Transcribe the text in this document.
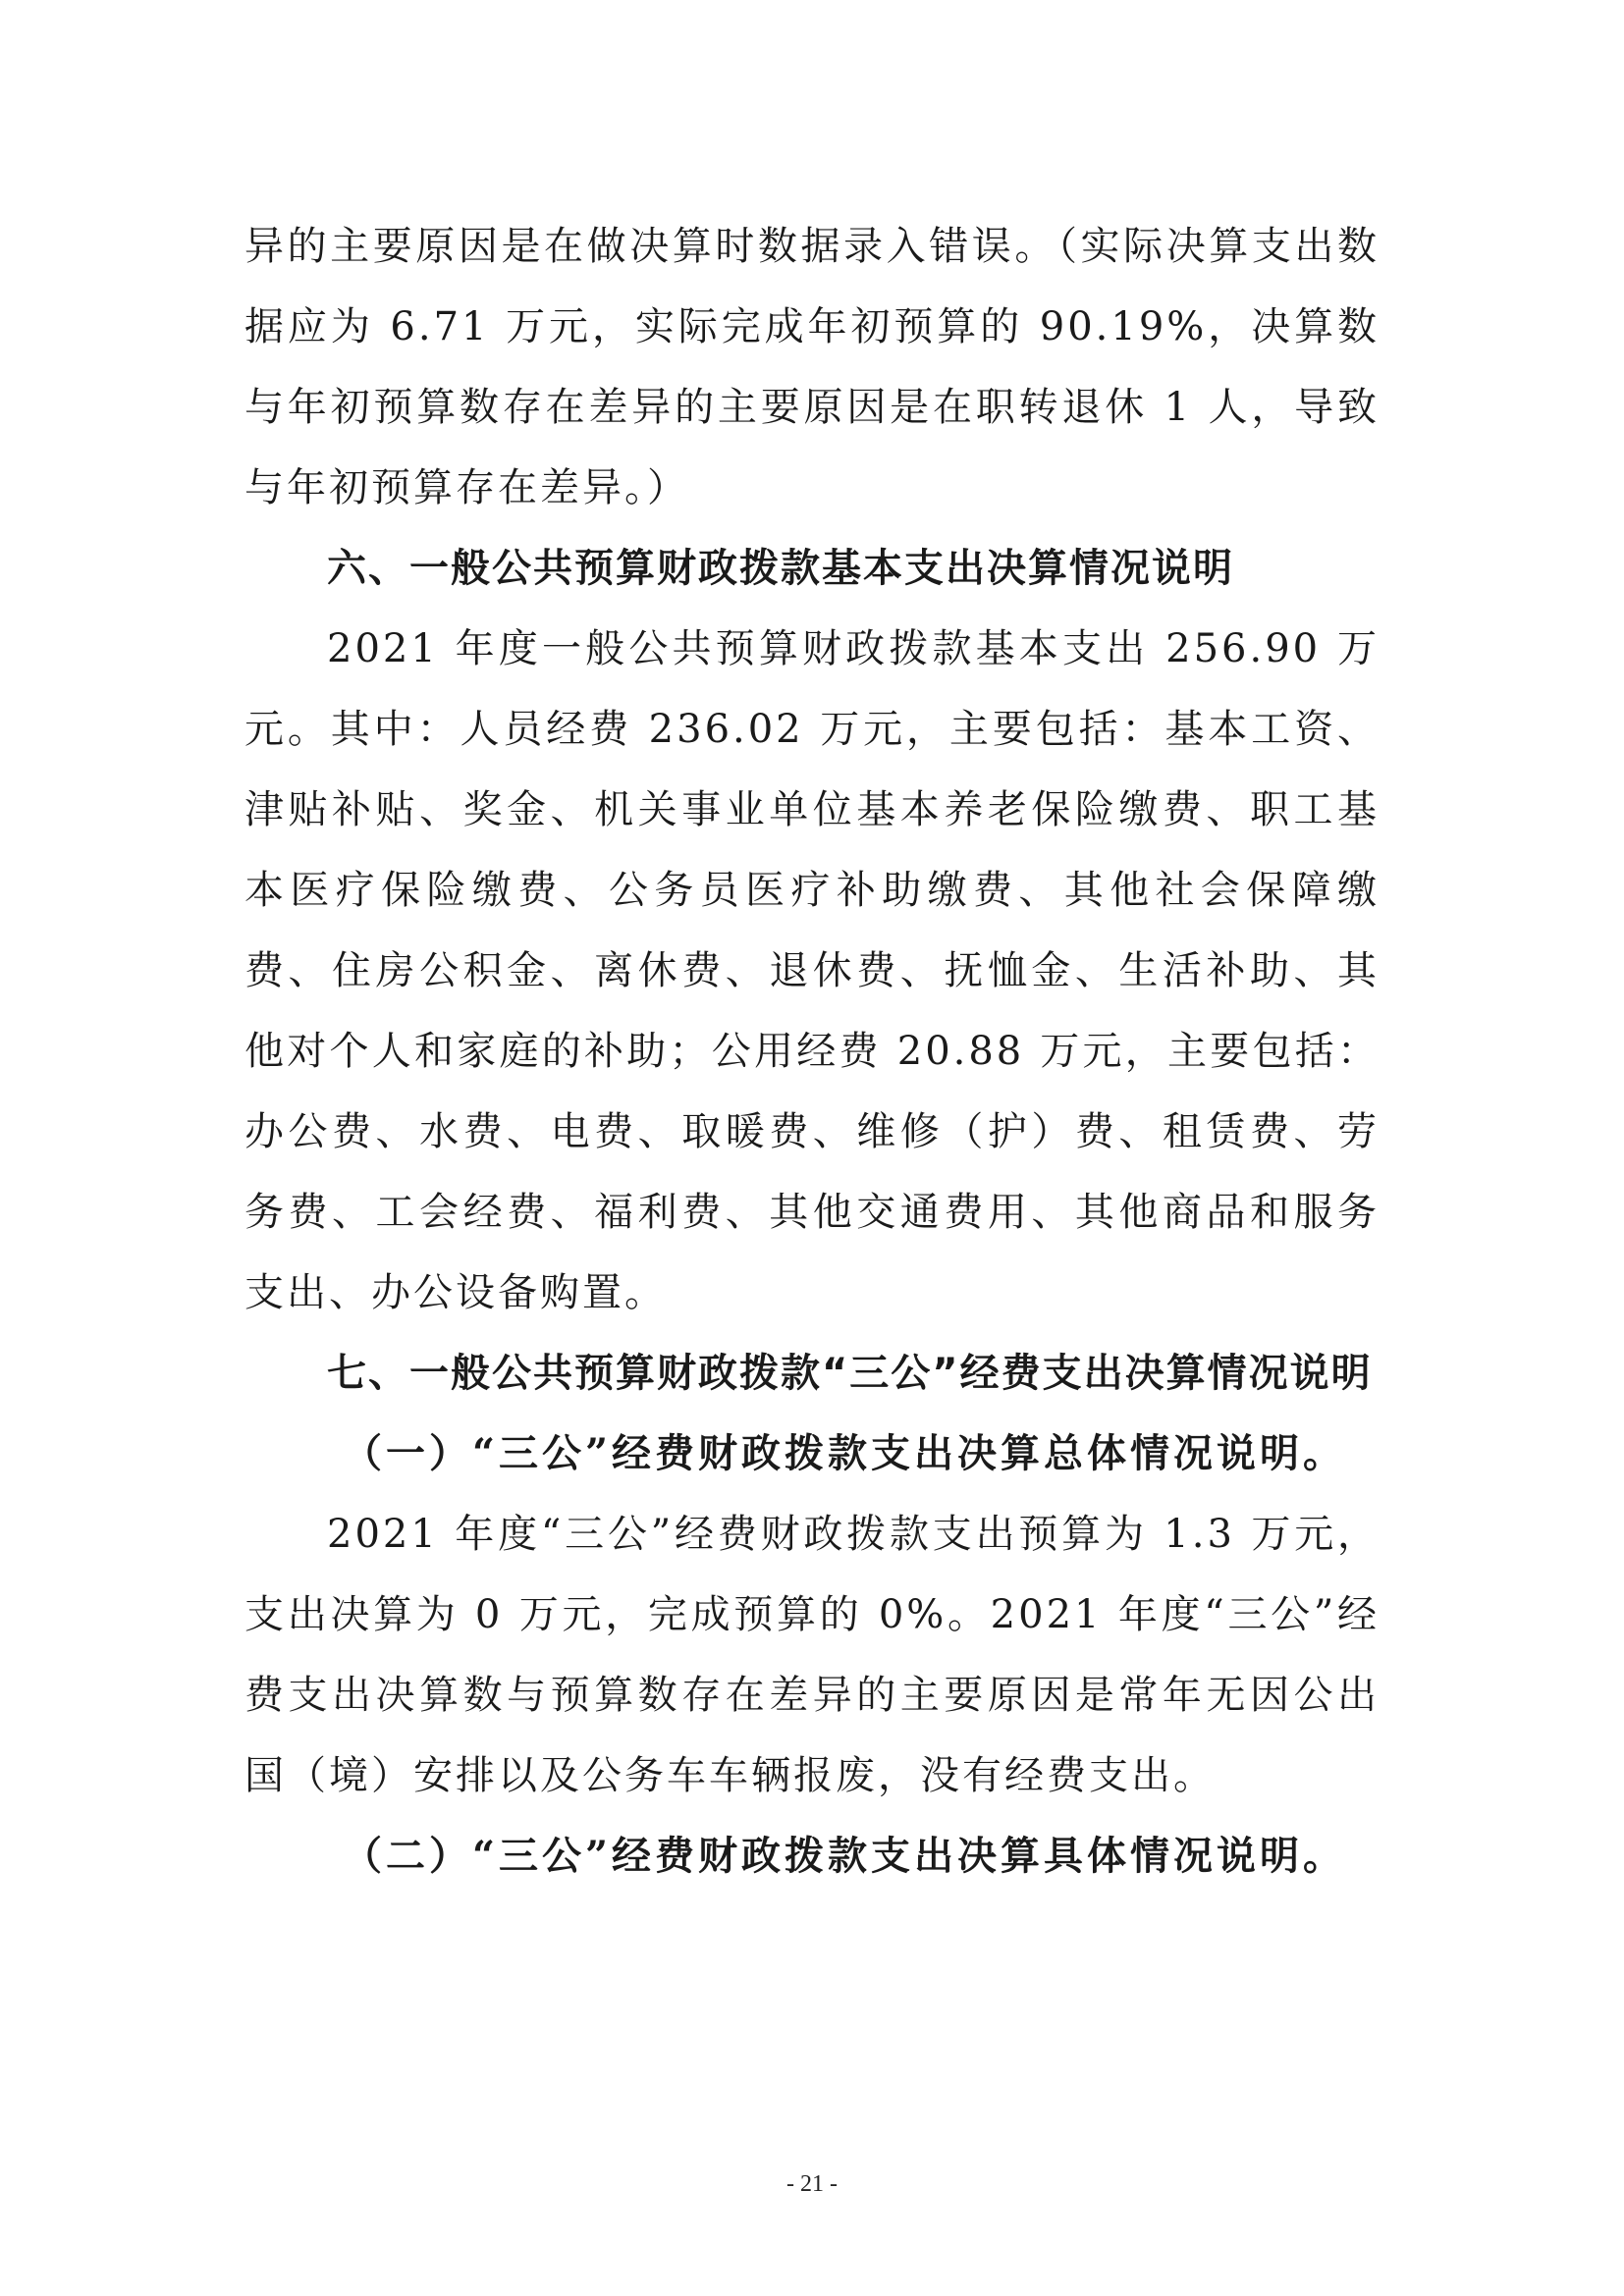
异的主要原因是在做决算时数据录入错误。（实际决算支出数据应为 6.71 万元，实际完成年初预算的 90.19%，决算数与年初预算数存在差异的主要原因是在职转退休 1 人，导致与年初预算存在差异。）

六、一般公共预算财政拨款基本支出决算情况说明

2021 年度一般公共预算财政拨款基本支出 256.90 万元。其中：人员经费 236.02 万元，主要包括：基本工资、津贴补贴、奖金、机关事业单位基本养老保险缴费、职工基本医疗保险缴费、公务员医疗补助缴费、其他社会保障缴费、住房公积金、离休费、退休费、抚恤金、生活补助、其他对个人和家庭的补助；公用经费 20.88 万元，主要包括：办公费、水费、电费、取暖费、维修（护）费、租赁费、劳务费、工会经费、福利费、其他交通费用、其他商品和服务支出、办公设备购置。

七、一般公共预算财政拨款“三公”经费支出决算情况说明

（一）“三公”经费财政拨款支出决算总体情况说明。

2021 年度“三公”经费财政拨款支出预算为 1.3 万元，支出决算为 0 万元，完成预算的 0%。2021 年度“三公”经费支出决算数与预算数存在差异的主要原因是常年无因公出国（境）安排以及公务车车辆报废，没有经费支出。

（二）“三公”经费财政拨款支出决算具体情况说明。

- 21 -
